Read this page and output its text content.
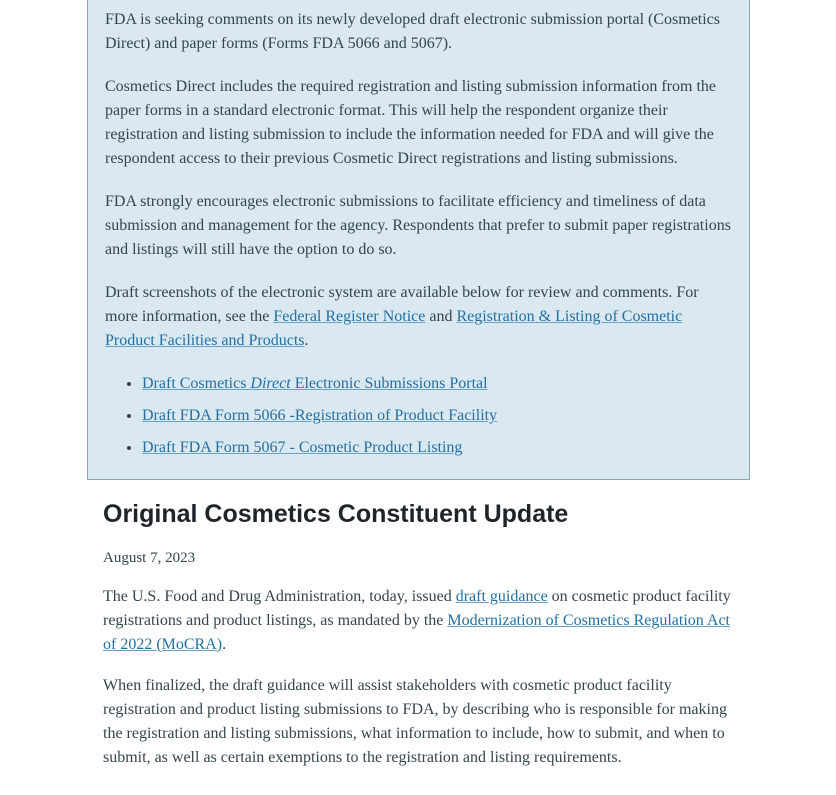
FDA is seeking comments on its newly developed draft electronic submission portal (Cosmetics Direct) and paper forms (Forms FDA 5066 and 5067).

Cosmetics Direct includes the required registration and listing submission information from the paper forms in a standard electronic format. This will help the respondent organize their registration and listing submission to include the information needed for FDA and will give the respondent access to their previous Cosmetic Direct registrations and listing submissions.

FDA strongly encourages electronic submissions to facilitate efficiency and timeliness of data submission and management for the agency. Respondents that prefer to submit paper registrations and listings will still have the option to do so.

Draft screenshots of the electronic system are available below for review and comments. For more information, see the Federal Register Notice and Registration & Listing of Cosmetic Product Facilities and Products.

• Draft Cosmetics Direct Electronic Submissions Portal
• Draft FDA Form 5066 -Registration of Product Facility
• Draft FDA Form 5067 - Cosmetic Product Listing
Original Cosmetics Constituent Update

August 7, 2023

The U.S. Food and Drug Administration, today, issued draft guidance on cosmetic product facility registrations and product listings, as mandated by the Modernization of Cosmetics Regulation Act of 2022 (MoCRA).

When finalized, the draft guidance will assist stakeholders with cosmetic product facility registration and product listing submissions to FDA, by describing who is responsible for making the registration and listing submissions, what information to include, how to submit, and when to submit, as well as certain exemptions to the registration and listing requirements.
